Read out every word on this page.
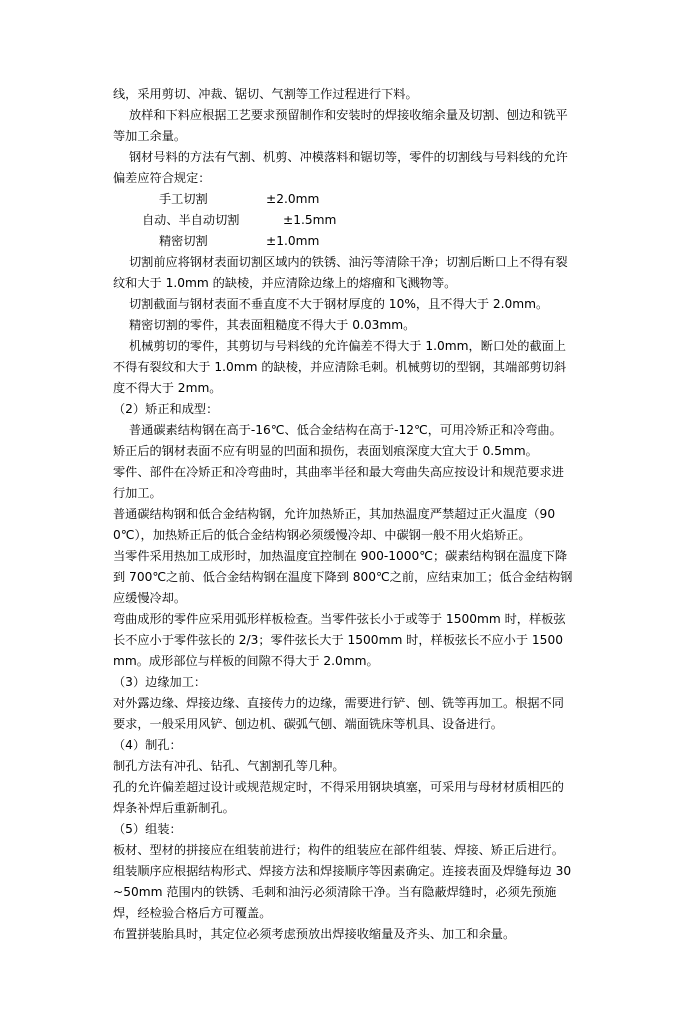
线，采用剪切、冲裁、锯切、气割等工作过程进行下料。

放样和下料应根据工艺要求预留制作和安装时的焊接收缩余量及切割、刨边和铣平等加工余量。

钢材号料的方法有气割、机剪、冲模落料和锯切等，零件的切割线与号料线的允许偏差应符合规定：

手工切割	±2.0mm
自动、半自动切割	±1.5mm
精密切割	±1.0mm

切割前应将钢材表面切割区域内的铁锈、油污等清除干净；切割后断口上不得有裂纹和大于 1.0mm 的缺棱，并应清除边缘上的熔瘤和飞溅物等。

切割截面与钢材表面不垂直度不大于钢材厚度的 10%，且不得大于 2.0mm。

精密切割的零件，其表面粗糙度不得大于 0.03mm。

机械剪切的零件，其剪切与号料线的允许偏差不得大于 1.0mm，断口处的截面上不得有裂纹和大于 1.0mm 的缺棱，并应清除毛刺。机械剪切的型钢，其端部剪切斜度不得大于 2mm。

（2）矫正和成型：

普通碳素结构钢在高于-16℃、低合金结构在高于-12℃，可用冷矫正和冷弯曲。矫正后的钢材表面不应有明显的凹面和损伤，表面划痕深度大宜大于 0.5mm。

零件、部件在冷矫正和冷弯曲时，其曲率半径和最大弯曲失高应按设计和规范要求进行加工。

普通碳结构钢和低合金结构钢，允许加热矫正，其加热温度严禁超过正火温度（900℃），加热矫正后的低合金结构钢必须缓慢冷却、中碳钢一般不用火焰矫正。

当零件采用热加工成形时，加热温度宜控制在 900-1000℃；碳素结构钢在温度下降到 700℃之前、低合金结构钢在温度下降到 800℃之前，应结束加工；低合金结构钢应缓慢冷却。

弯曲成形的零件应采用弧形样板检查。当零件弦长小于或等于 1500mm 时，样板弦长不应小于零件弦长的 2/3；零件弦长大于 1500mm 时，样板弦长不应小于 1500mm。成形部位与样板的间隙不得大于 2.0mm。

（3）边缘加工：

对外露边缘、焊接边缘、直接传力的边缘，需要进行铲、刨、铣等再加工。根据不同要求，一般采用风铲、刨边机、碳弧气刨、端面铣床等机具、设备进行。

（4）制孔：

制孔方法有冲孔、钻孔、气割割孔等几种。

孔的允许偏差超过设计或规范规定时，不得采用钢块填塞，可采用与母材材质相匹的焊条补焊后重新制孔。

（5）组装：

板材、型材的拼接应在组装前进行；构件的组装应在部件组装、焊接、矫正后进行。

组装顺序应根据结构形式、焊接方法和焊接顺序等因素确定。连接表面及焊缝每边 30~50mm 范围内的铁锈、毛刺和油污必须清除干净。当有隐蔽焊缝时，必须先预施焊，经检验合格后方可覆盖。

布置拼装胎具时，其定位必须考虑预放出焊接收缩量及齐头、加工和余量。
